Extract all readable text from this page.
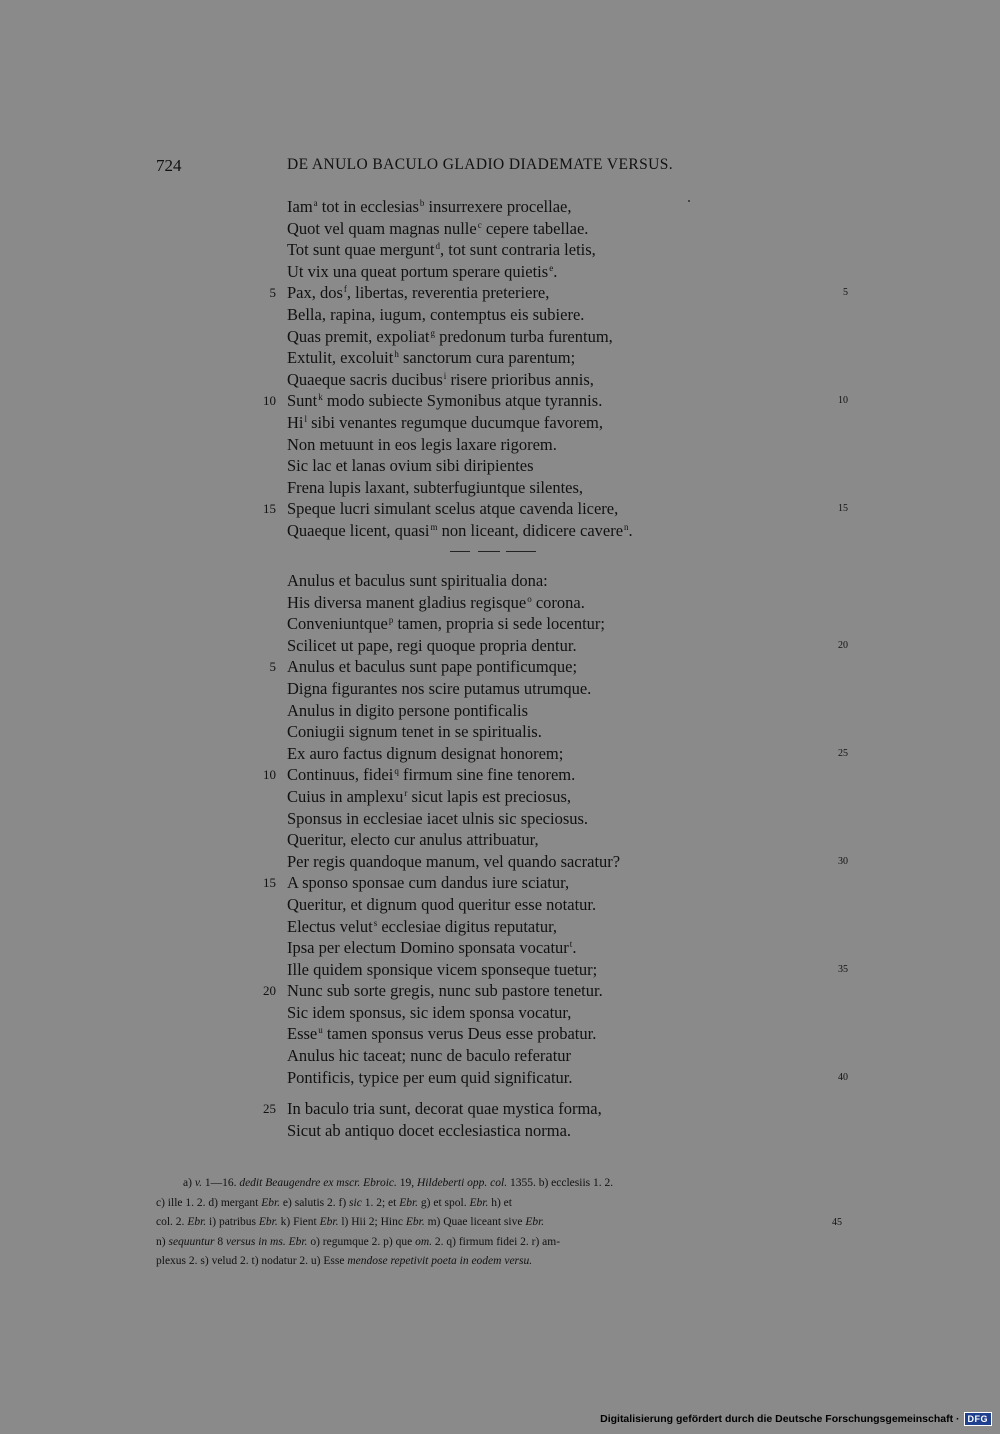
724	DE ANULO BACULO GLADIO DIADEMATE VERSUS.
Iam$^a$ tot in ecclesias$^b$ insurrexere procellae,
Quot vel quam magnas nulle$^c$ cepere tabellae.
Tot sunt quae mergunt$^d$, tot sunt contraria letis,
Ut vix una queat portum sperare quietis$^e$.
5 Pax, dos$^f$, libertas, reverentia preteriere,	5
Bella, rapina, iugum, contemptus eis subiere.
Quas premit, expoliat$^g$ predonum turba furentum,
Extulit, excoluit$^h$ sanctorum cura parentum;
Quaeque sacris ducibus$^i$ risere prioribus annis,
10 Sunt$^k$ modo subiecte Symonibus atque tyrannis.	10
Hi$^l$ sibi venantes regumque ducumque favorem,
Non metuunt in eos legis laxare rigorem.
Sic lac et lanas ovium sibi diripientes
Frena lupis laxant, subterfugiuntque silentes,
15 Speque lucri simulant scelus atque cavenda licere,	15
Quaeque licent, quasi$^m$ non liceant, didicere cavere$^n$.
Anulus et baculus sunt spiritualia dona:
His diversa manent gladius regisque$^o$ corona.
Conveniuntque$^p$ tamen, propria si sede locentur;
Scilicet ut pape, regi quoque propria dentur.	20
5 Anulus et baculus sunt pape pontificumque;
Digna figurantes nos scire putamus utrumque.
Anulus in digito persone pontificalis
Coniugii signum tenet in se spiritualis.
Ex auro factus dignum designat honorem;	25
10 Continuus, fidei$^q$ firmum sine fine tenorem.
Cuius in amplexu$^r$ sicut lapis est preciosus,
Sponsus in ecclesiae iacet ulnis sic speciosus.
Queritur, electo cur anulus attribuatur,
Per regis quandoque manum, vel quando sacratur?	30
15 A sponso sponsae cum dandus iure sciatur,
Queritur, et dignum quod queritur esse notatur.
Electus velut$^s$ ecclesiae digitus reputatur,
Ipsa per electum Domino sponsata vocatur$^t$.
Ille quidem sponsique vicem sponseque tuetur;	35
20 Nunc sub sorte gregis, nunc sub pastore tenetur.
Sic idem sponsus, sic idem sponsa vocatur,
Esse$^u$ tamen sponsus verus Deus esse probatur.
Anulus hic taceat; nunc de baculo referatur
Pontificis, typice per eum quid significatur.	40
25 In baculo tria sunt, decorat quae mystica forma,
Sicut ab antiquo docet ecclesiastica norma.
a) v. 1—16. dedit Beaugendre ex mscr. Ebroic. 19, Hildeberti opp. col. 1355. b) ecclesiis 1. 2.
c) ille 1. 2. d) mergant Ebr. e) salutis 2. f) sic 1. 2; et Ebr. g) et spol. Ebr. h) et
col. 2. Ebr. i) patribus Ebr. k) Fient Ebr. l) Hii 2; Hinc Ebr. m) Quae liceant sive Ebr.	45
n) sequuntur 8 versus in ms. Ebr. o) regumque 2. p) que om. 2. q) firmum fidei 2. r) am-
plexus 2. s) velud 2. t) nodatur 2. u) Esse mendose repetivit poeta in eodem versu.
Digitalisierung gefördert durch die Deutsche Forschungsgemeinschaft · DFG
